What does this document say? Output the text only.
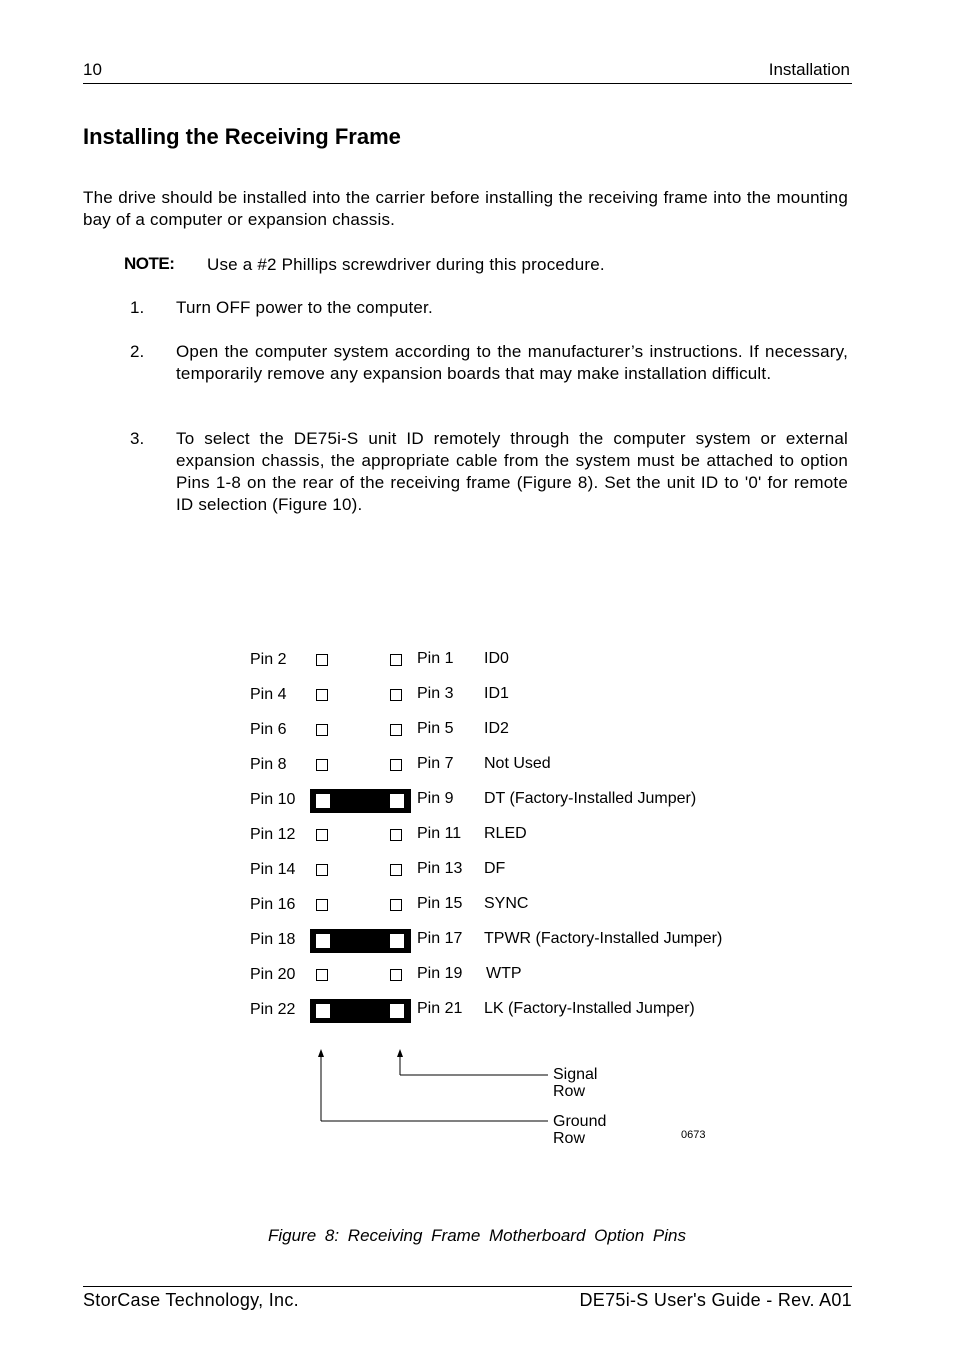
10	Installation
Installing the Receiving Frame
The drive should be installed into the carrier before installing the receiving frame into the mounting bay of a computer or expansion chassis.
NOTE: Use a #2 Phillips screwdriver during this procedure.
1. Turn OFF power to the computer.
2. Open the computer system according to the manufacturer’s instructions. If necessary, temporarily remove any expansion boards that may make installation difficult.
3. To select the DE75i-S unit ID remotely through the computer system or external expansion chassis, the appropriate cable from the system must be attached to option Pins 1-8 on the rear of the receiving frame (Figure 8). Set the unit ID to '0' for remote ID selection (Figure 10).
Pin 2	Pin 1 ID0
Pin 4	Pin 3 ID1
Pin 6	Pin 5 ID2
Pin 8	Pin 7 Not Used
Pin 10	Pin 9 DT (Factory-Installed Jumper)
Pin 12	Pin 11 RLED
Pin 14	Pin 13 DF
Pin 16	Pin 15 SYNC
Pin 18	Pin 17 TPWR (Factory-Installed Jumper)
Pin 20	Pin 19 WTP
Pin 22	Pin 21 LK (Factory-Installed Jumper)
Signal
Row
Ground
Row	0673
Figure 8: Receiving Frame Motherboard Option Pins
StorCase Technology, Inc.	DE75i-S User's Guide - Rev. A01
